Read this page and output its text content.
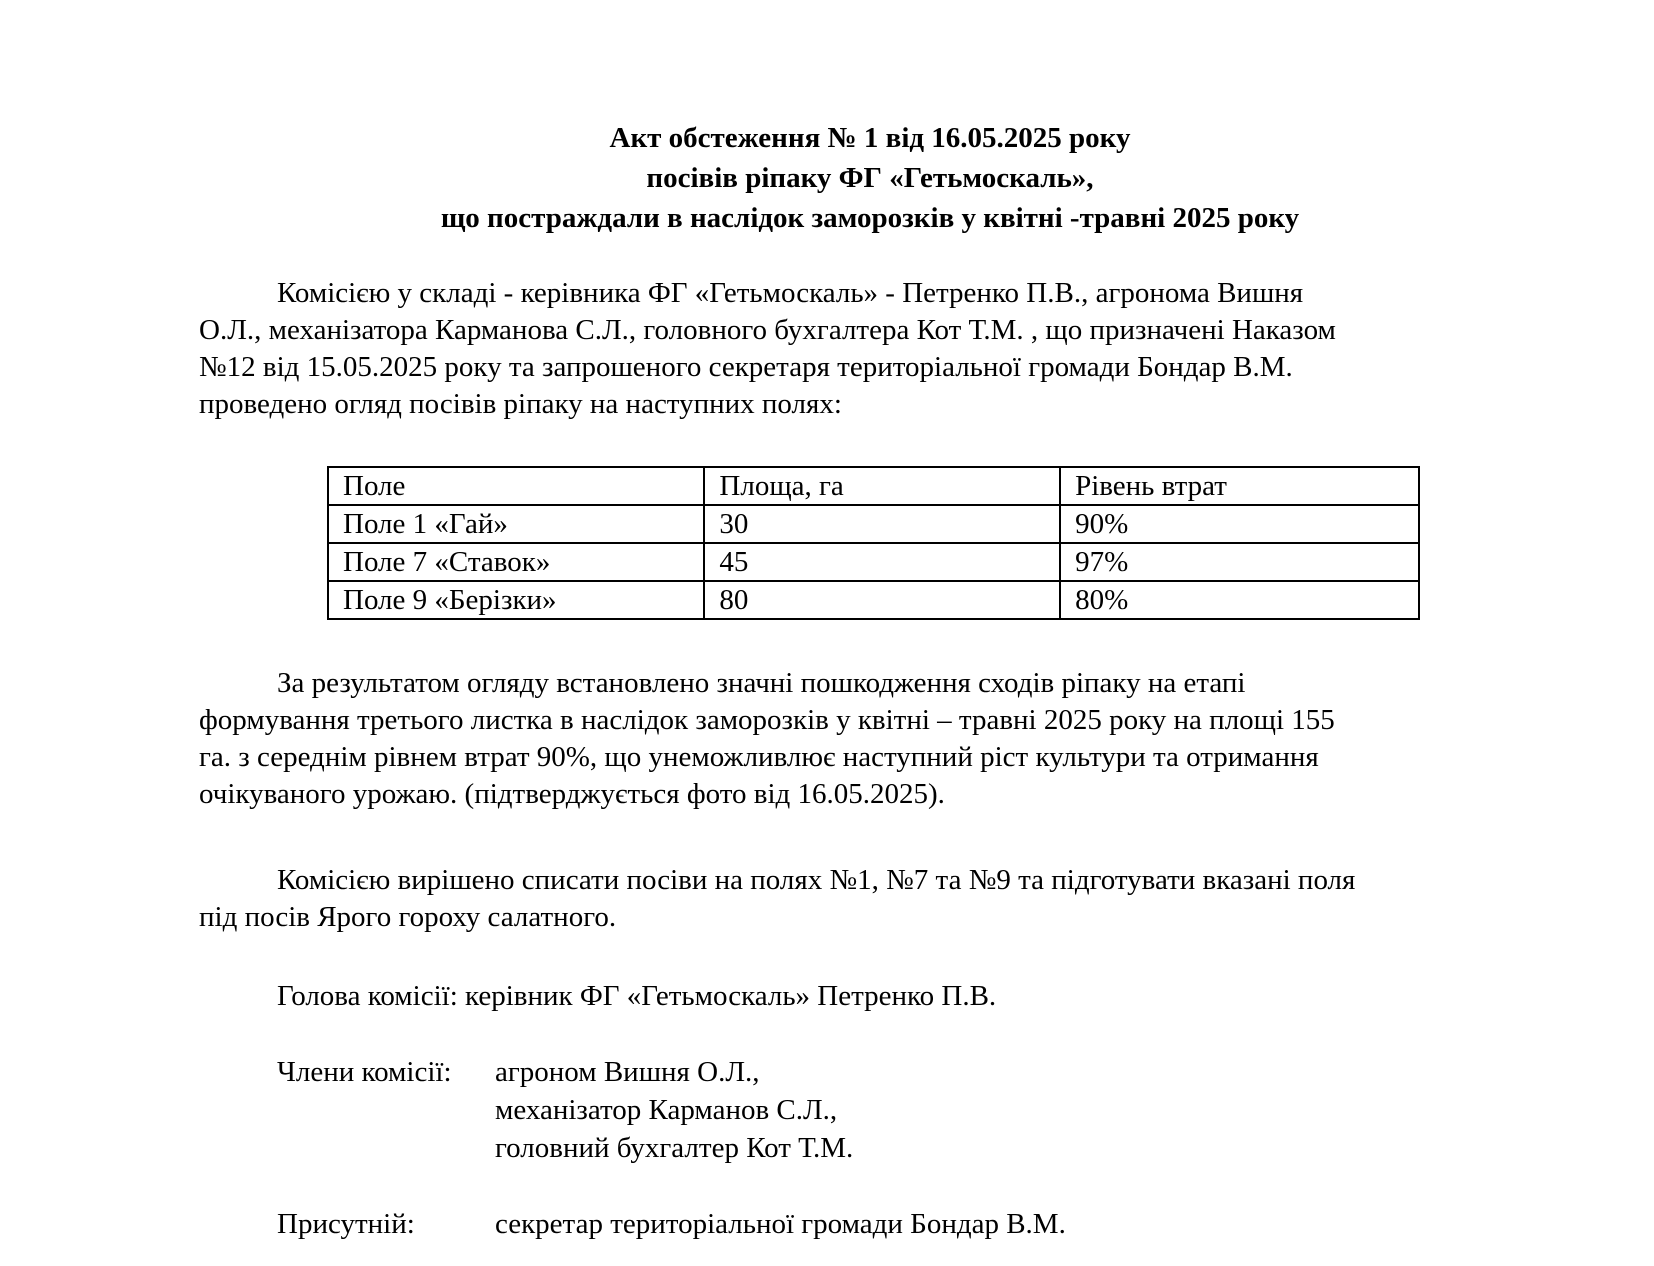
Акт обстеження № 1 від 16.05.2025 року
посівів ріпаку ФГ «Гетьмоскаль»,
що постраждали в наслідок заморозків у квітні -травні 2025 року
Комісією у складі - керівника ФГ «Гетьмоскаль» - Петренко П.В., агронома Вишня
О.Л., механізатора Карманова С.Л., головного бухгалтера Кот Т.М. , що призначені Наказом
№12 від 15.05.2025 року та запрошеного секретаря територіальної громади Бондар В.М.
проведено огляд посівів ріпаку на наступних полях:
Поле	Площа, га	Рівень втрат
Поле 1 «Гай»	30	90%
Поле 7 «Ставок»	45	97%
Поле 9 «Берізки»	80	80%
За результатом огляду встановлено значні пошкодження сходів ріпаку на етапі
формування третього листка в наслідок заморозків у квітні – травні 2025 року на площі 155
га. з середнім рівнем втрат 90%, що унеможливлює наступний ріст культури та отримання
очікуваного урожаю. (підтверджується фото від 16.05.2025).
Комісією вирішено списати посіви на полях №1, №7 та №9 та підготувати вказані поля
під посів Ярого гороху салатного.
Голова комісії: керівник ФГ «Гетьмоскаль» Петренко П.В.
Члени комісії: агроном Вишня О.Л.,
механізатор Карманов С.Л.,
головний бухгалтер Кот Т.М.
Присутній:	секретар територіальної громади Бондар В.М.
